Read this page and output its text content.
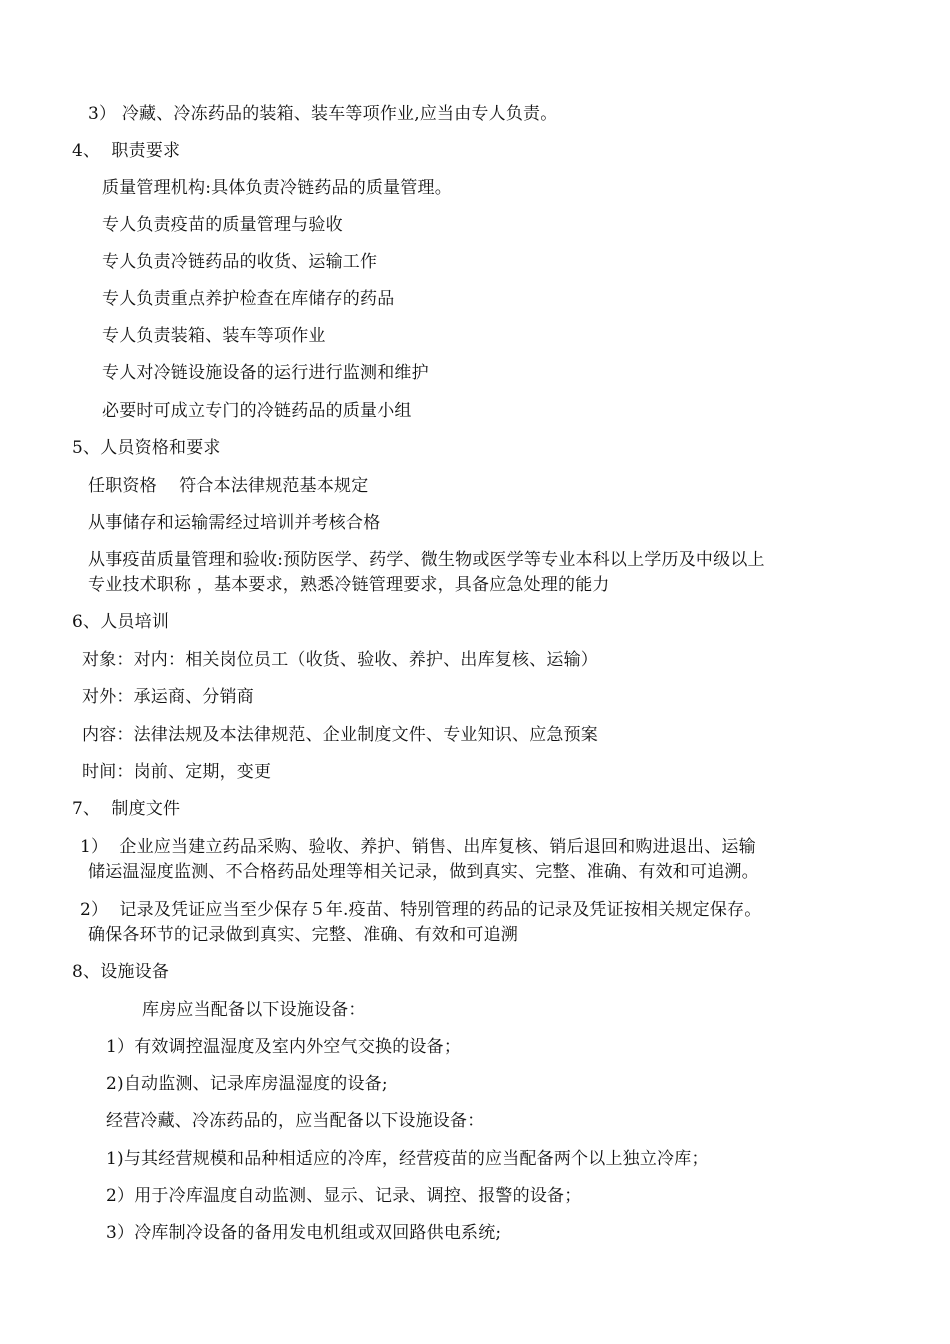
3） 冷藏、冷冻药品的装箱、装车等项作业,应当由专人负责。
4、  职责要求
质量管理机构:具体负责冷链药品的质量管理。
专人负责疫苗的质量管理与验收
专人负责冷链药品的收货、运输工作
专人负责重点养护检查在库储存的药品
专人负责装箱、装车等项作业
专人对冷链设施设备的运行进行监测和维护
必要时可成立专门的冷链药品的质量小组
5、人员资格和要求
任职资格    符合本法律规范基本规定
从事储存和运输需经过培训并考核合格
从事疫苗质量管理和验收:预防医学、药学、微生物或医学等专业本科以上学历及中级以上
专业技术职称 ，基本要求，熟悉冷链管理要求，具备应急处理的能力
6、人员培训
对象：对内：相关岗位员工（收货、验收、养护、出库复核、运输）
对外：承运商、分销商
内容：法律法规及本法律规范、企业制度文件、专业知识、应急预案
时间：岗前、定期，变更
7、  制度文件
1）  企业应当建立药品采购、验收、养护、销售、出库复核、销后退回和购进退出、运输
储运温湿度监测、不合格药品处理等相关记录，做到真实、完整、准确、有效和可追溯。
2）  记录及凭证应当至少保存５年.疫苗、特别管理的药品的记录及凭证按相关规定保存。
确保各环节的记录做到真实、完整、准确、有效和可追溯
8、设施设备
库房应当配备以下设施设备：
1）有效调控温湿度及室内外空气交换的设备；
2)自动监测、记录库房温湿度的设备;
经营冷藏、冷冻药品的，应当配备以下设施设备：
1)与其经营规模和品种相适应的冷库，经营疫苗的应当配备两个以上独立冷库；
2）用于冷库温度自动监测、显示、记录、调控、报警的设备；
3）冷库制冷设备的备用发电机组或双回路供电系统;
